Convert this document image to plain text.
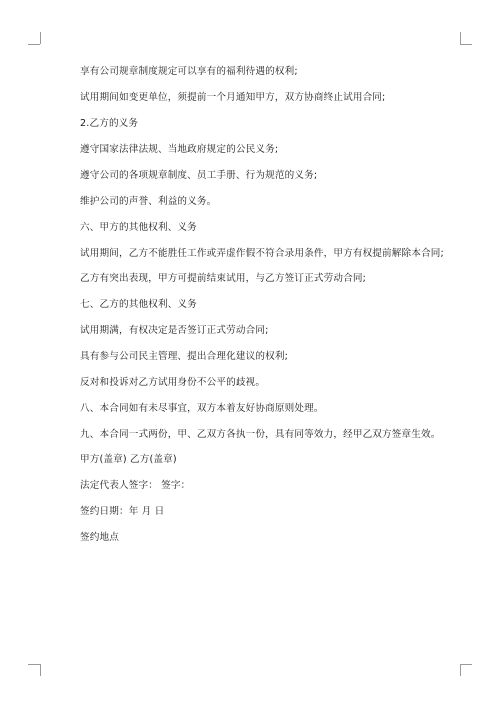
享有公司规章制度规定可以享有的福利待遇的权利;

试用期间如变更单位，须提前一个月通知甲方，双方协商终止试用合同;

2.乙方的义务

遵守国家法律法规、当地政府规定的公民义务;

遵守公司的各项规章制度、员工手册、行为规范的义务;

维护公司的声誉、利益的义务。

六、甲方的其他权利、义务

试用期间，乙方不能胜任工作或弄虚作假不符合录用条件，甲方有权提前解除本合同;

乙方有突出表现，甲方可提前结束试用，与乙方签订正式劳动合同;

七、乙方的其他权利、义务

试用期满，有权决定是否签订正式劳动合同;

具有参与公司民主管理、提出合理化建议的权利;

反对和投诉对乙方试用身份不公平的歧视。

八、本合同如有未尽事宜，双方本着友好协商原则处理。

九、本合同一式两份，甲、乙双方各执一份，具有同等效力，经甲乙双方签章生效。

甲方(盖章) 乙方(盖章)

法定代表人签字： 签字：

签约日期：年 月 日

签约地点
